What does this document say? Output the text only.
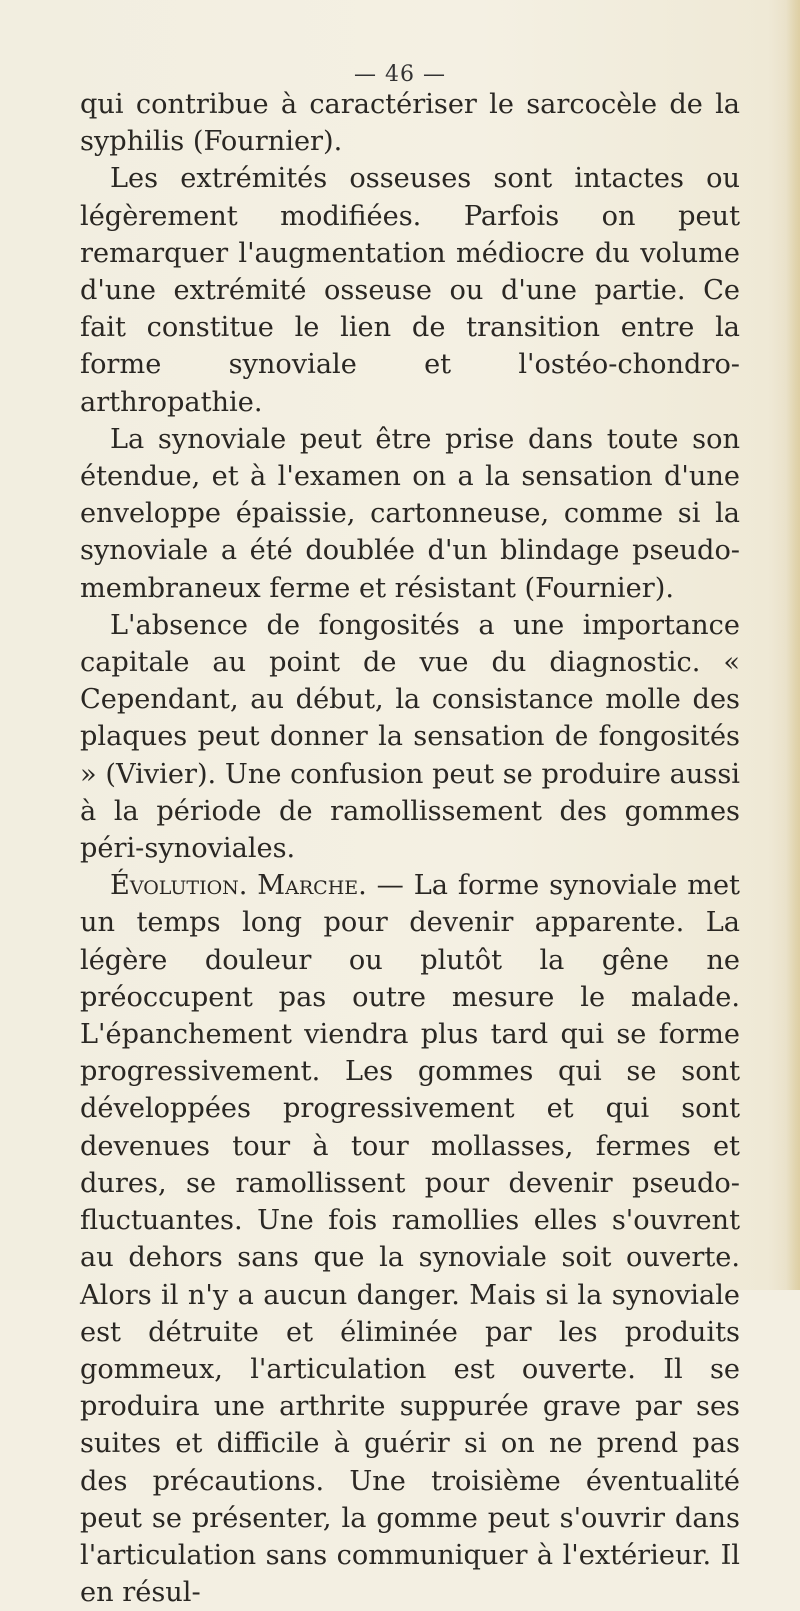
— 46 —

qui contribue à caractériser le sarcocèle de la syphilis (Fournier).

Les extrémités osseuses sont intactes ou légèrement modifiées. Parfois on peut remarquer l'augmentation médiocre du volume d'une extrémité osseuse ou d'une partie. Ce fait constitue le lien de transition entre la forme synoviale et l'ostéo-chondro-arthropathie.

La synoviale peut être prise dans toute son étendue, et à l'examen on a la sensation d'une enveloppe épaissie, cartonneuse, comme si la synoviale a été doublée d'un blindage pseudo-membraneux ferme et résistant (Fournier).

L'absence de fongosités a une importance capitale au point de vue du diagnostic. « Cependant, au début, la consistance molle des plaques peut donner la sensation de fongosités » (Vivier). Une confusion peut se produire aussi à la période de ramollissement des gommes péri-synoviales.

Évolution. Marche. — La forme synoviale met un temps long pour devenir apparente. La légère douleur ou plutôt la gêne ne préoccupent pas outre mesure le malade. L'épanchement viendra plus tard qui se forme progressivement. Les gommes qui se sont développées progressivement et qui sont devenues tour à tour mollasses, fermes et dures, se ramollissent pour devenir pseudo-fluctuantes. Une fois ramollies elles s'ouvrent au dehors sans que la synoviale soit ouverte. Alors il n'y a aucun danger. Mais si la synoviale est détruite et éliminée par les produits gommeux, l'articulation est ouverte. Il se produira une arthrite suppurée grave par ses suites et difficile à guérir si on ne prend pas des précautions. Une troisième éventualité peut se présenter, la gomme peut s'ouvrir dans l'articulation sans communiquer à l'extérieur. Il en résul-
